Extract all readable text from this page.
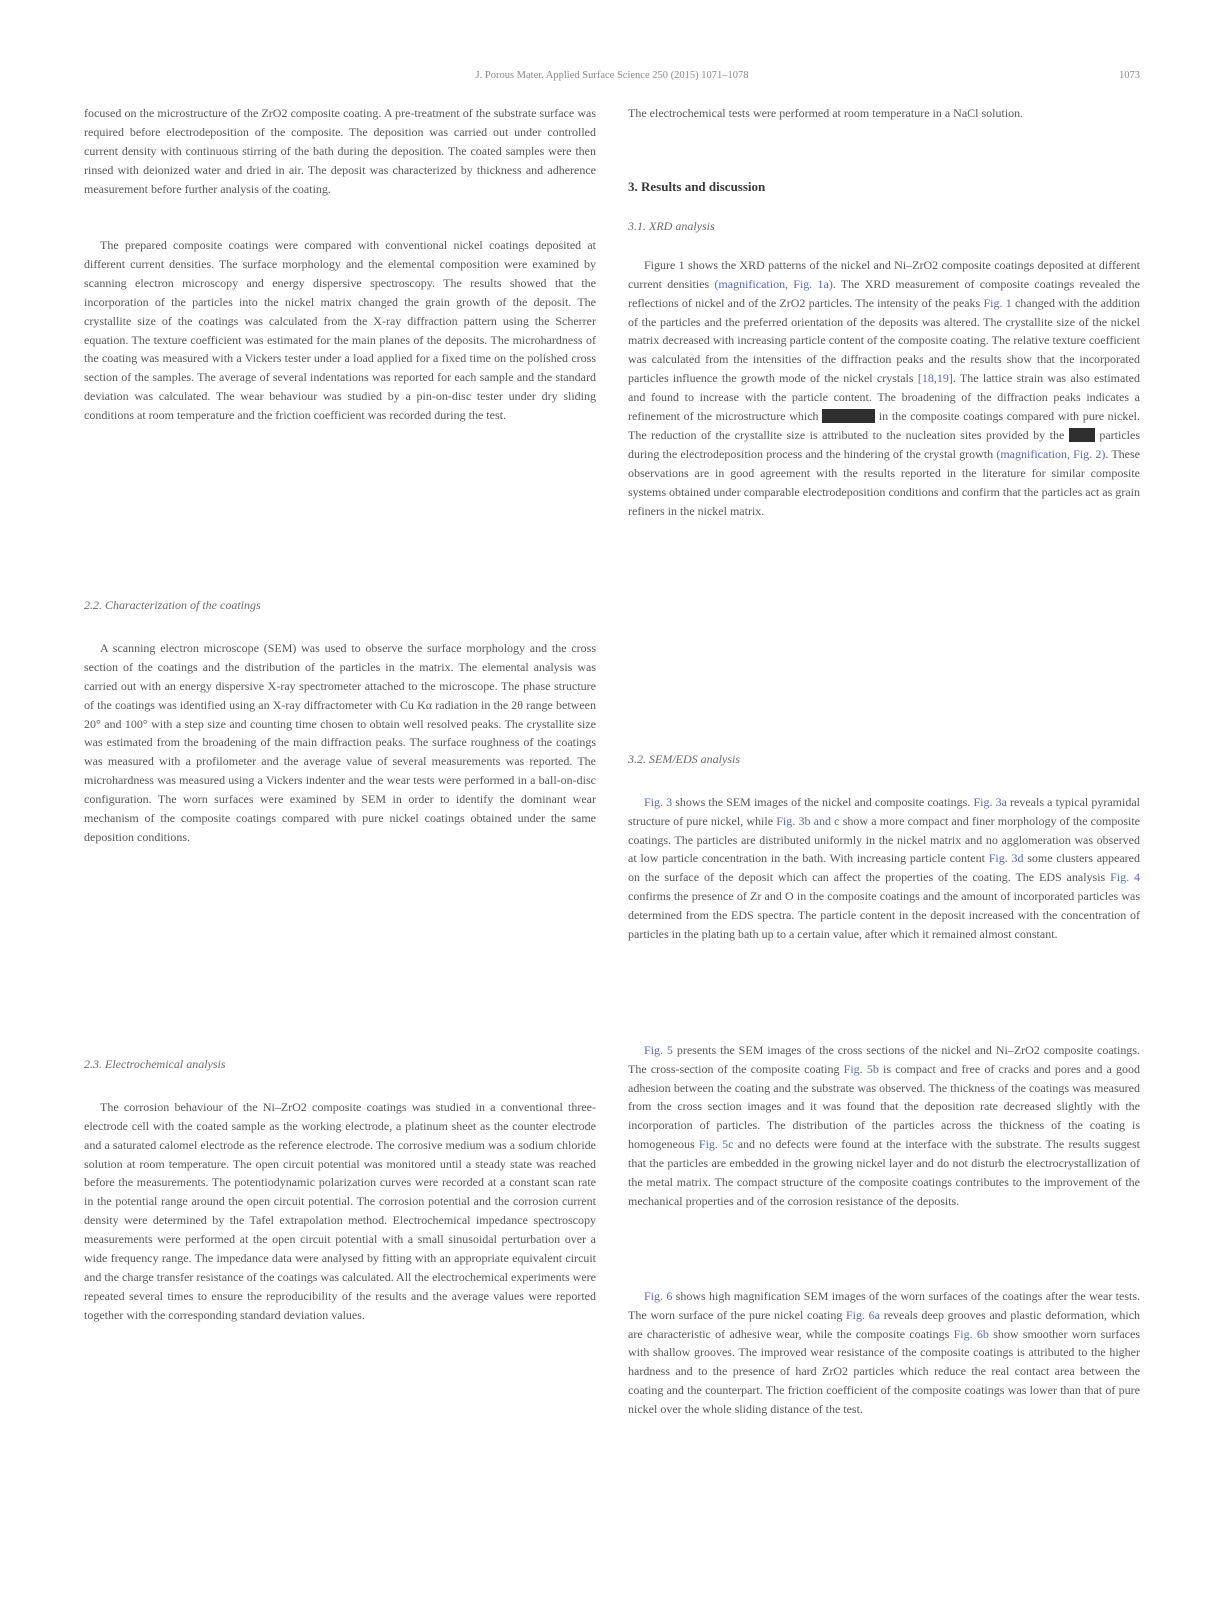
J. Porous Mater. Applied Surface Science 250 (2015) 1071–1078	1073

focused on the microstructure of the ZrO2 composite coating. A pre-treatment of the substrate surface was required before electrodeposition of the composite. The deposition was carried out under controlled current density with continuous stirring of the bath during the deposition. The coated samples were then rinsed with deionized water and dried in air. The deposit was characterized by thickness and adherence measurement before further analysis of the coating.

The prepared composite coatings were compared with conventional nickel coatings deposited at different current densities. The surface morphology and the elemental composition were examined by scanning electron microscopy and energy dispersive spectroscopy. The results showed that the incorporation of the particles into the nickel matrix changed the grain growth of the deposit. The crystallite size of the coatings was calculated from the X-ray diffraction pattern using the Scherrer equation. The texture coefficient was estimated for the main planes of the deposits. The microhardness of the coating was measured with a Vickers tester under a load applied for a fixed time on the polished cross section of the samples. The average of several indentations was reported for each sample and the standard deviation was calculated. The wear behaviour was studied by a pin-on-disc tester under dry sliding conditions at room temperature and the friction coefficient was recorded during the test.

2.2. Characterization of the coatings

A scanning electron microscope (SEM) was used to observe the surface morphology and the cross section of the coatings and the distribution of the particles in the matrix. The elemental analysis was carried out with an energy dispersive X-ray spectrometer attached to the microscope. The phase structure of the coatings was identified using an X-ray diffractometer with Cu Kα radiation in the 2θ range between 20° and 100° with a step size and counting time chosen to obtain well resolved peaks. The crystallite size was estimated from the broadening of the main diffraction peaks. The surface roughness of the coatings was measured with a profilometer and the average value of several measurements was reported. The microhardness was measured using a Vickers indenter and the wear tests were performed in a ball-on-disc configuration. The worn surfaces were examined by SEM in order to identify the dominant wear mechanism of the composite coatings compared with pure nickel coatings obtained under the same deposition conditions.

2.3. Electrochemical analysis

The corrosion behaviour of the Ni–ZrO2 composite coatings was studied in a conventional three-electrode cell with the coated sample as the working electrode, a platinum sheet as the counter electrode and a saturated calomel electrode as the reference electrode. The corrosive medium was a sodium chloride solution at room temperature. The open circuit potential was monitored until a steady state was reached before the measurements. The potentiodynamic polarization curves were recorded at a constant scan rate in the potential range around the open circuit potential. The corrosion potential and the corrosion current density were determined by the Tafel extrapolation method. Electrochemical impedance spectroscopy measurements were performed at the open circuit potential with a small sinusoidal perturbation over a wide frequency range. The impedance data were analysed by fitting with an appropriate equivalent circuit and the charge transfer resistance of the coatings was calculated. All the electrochemical experiments were repeated several times to ensure the reproducibility of the results and the average values were reported together with the corresponding standard deviation values.

The electrochemical tests were performed at room temperature in a NaCl solution.

3. Results and discussion
3.1. XRD analysis

Figure 1 shows the XRD patterns of the nickel and Ni–ZrO2 composite coatings deposited at different current densities (magnification, Fig. 1a). The XRD measurement of composite coatings revealed the reflections of nickel and of the ZrO2 particles. The intensity of the peaks Fig. 1 changed with the addition of the particles and the preferred orientation of the deposits was altered. The crystallite size of the nickel matrix decreased with increasing particle content of the composite coating. The relative texture coefficient was calculated from the intensities of the diffraction peaks and the results show that the incorporated particles influence the growth mode of the nickel crystals [18,19]. The lattice strain was also estimated and found to increase with the particle content. The broadening of the diffraction peaks indicates a refinement of the microstructure which is obtained in the composite coatings compared with pure nickel. The reduction of the crystallite size is attributed to the nucleation sites provided by the ZrO2 particles during the electrodeposition process and the hindering of the crystal growth (magnification, Fig. 2). These observations are in good agreement with the results reported in the literature for similar composite systems obtained under comparable electrodeposition conditions and confirm that the particles act as grain refiners in the nickel matrix.

3.2. SEM/EDS analysis

Fig. 3 shows the SEM images of the nickel and composite coatings. Fig. 3a reveals a typical pyramidal structure of pure nickel, while Fig. 3b and c show a more compact and finer morphology of the composite coatings. The particles are distributed uniformly in the nickel matrix and no agglomeration was observed at low particle concentration in the bath. With increasing particle content Fig. 3d some clusters appeared on the surface of the deposit which can affect the properties of the coating. The EDS analysis Fig. 4 confirms the presence of Zr and O in the composite coatings and the amount of incorporated particles was determined from the EDS spectra. The particle content in the deposit increased with the concentration of particles in the plating bath up to a certain value, after which it remained almost constant.

Fig. 5 presents the SEM images of the cross sections of the nickel and Ni–ZrO2 composite coatings. The cross-section of the composite coating Fig. 5b is compact and free of cracks and pores and a good adhesion between the coating and the substrate was observed. The thickness of the coatings was measured from the cross section images and it was found that the deposition rate decreased slightly with the incorporation of particles. The distribution of the particles across the thickness of the coating is homogeneous Fig. 5c and no defects were found at the interface with the substrate. The results suggest that the particles are embedded in the growing nickel layer and do not disturb the electrocrystallization of the metal matrix. The compact structure of the composite coatings contributes to the improvement of the mechanical properties and of the corrosion resistance of the deposits.

Fig. 6 shows high magnification SEM images of the worn surfaces of the coatings after the wear tests. The worn surface of the pure nickel coating Fig. 6a reveals deep grooves and plastic deformation, which are characteristic of adhesive wear, while the composite coatings Fig. 6b show smoother worn surfaces with shallow grooves. The improved wear resistance of the composite coatings is attributed to the higher hardness and to the presence of hard ZrO2 particles which reduce the real contact area between the coating and the counterpart. The friction coefficient of the composite coatings was lower than that of pure nickel over the whole sliding distance of the test.
